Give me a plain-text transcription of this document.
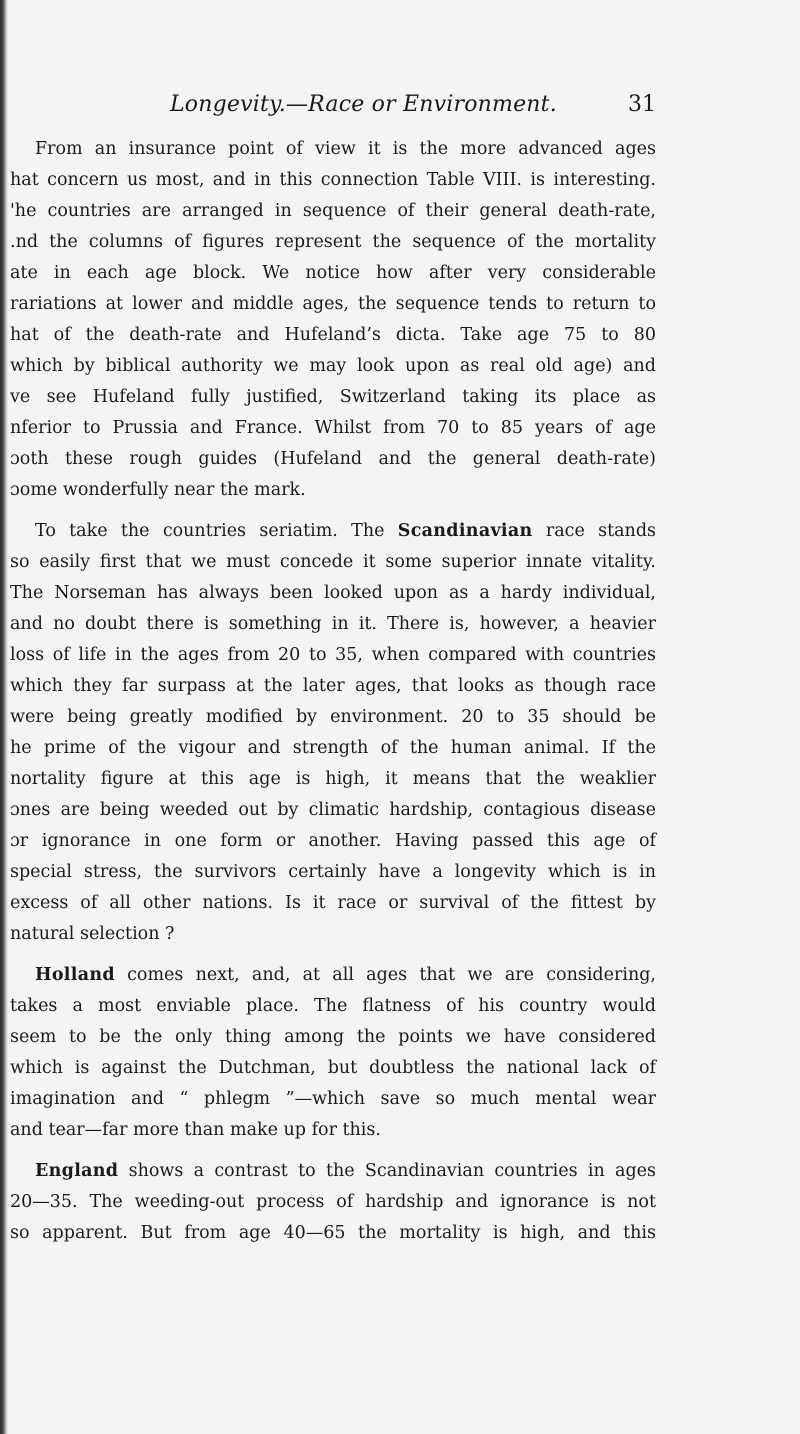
Longevity.—Race or Environment.	31
From an insurance point of view it is the more advanced ages
hat concern us most, and in this connection Table VIII. is interesting.
'he countries are arranged in sequence of their general death-rate,
.nd the columns of figures represent the sequence of the mortality
ate in each age block. We notice how after very considerable
rariations at lower and middle ages, the sequence tends to return to
hat of the death-rate and Hufeland’s dicta. Take age 75 to 80
which by biblical authority we may look upon as real old age) and
ve see Hufeland fully justified, Switzerland taking its place as
nferior to Prussia and France. Whilst from 70 to 85 years of age
ɔoth these rough guides (Hufeland and the general death-rate)
ɔome wonderfully near the mark.
To take the countries seriatim. The Scandinavian race stands
so easily first that we must concede it some superior innate vitality.
The Norseman has always been looked upon as a hardy individual,
and no doubt there is something in it. There is, however, a heavier
loss of life in the ages from 20 to 35, when compared with countries
which they far surpass at the later ages, that looks as though race
were being greatly modified by environment. 20 to 35 should be
he prime of the vigour and strength of the human animal. If the
nortality figure at this age is high, it means that the weaklier
ɔnes are being weeded out by climatic hardship, contagious disease
ɔr ignorance in one form or another. Having passed this age of
special stress, the survivors certainly have a longevity which is in
excess of all other nations. Is it race or survival of the fittest by
natural selection ?
Holland comes next, and, at all ages that we are considering,
takes a most enviable place. The flatness of his country would
seem to be the only thing among the points we have considered
which is against the Dutchman, but doubtless the national lack of
imagination and “ phlegm ”—which save so much mental wear
and tear—far more than make up for this.
England shows a contrast to the Scandinavian countries in ages
20—35. The weeding-out process of hardship and ignorance is not
so apparent. But from age 40—65 the mortality is high, and this
